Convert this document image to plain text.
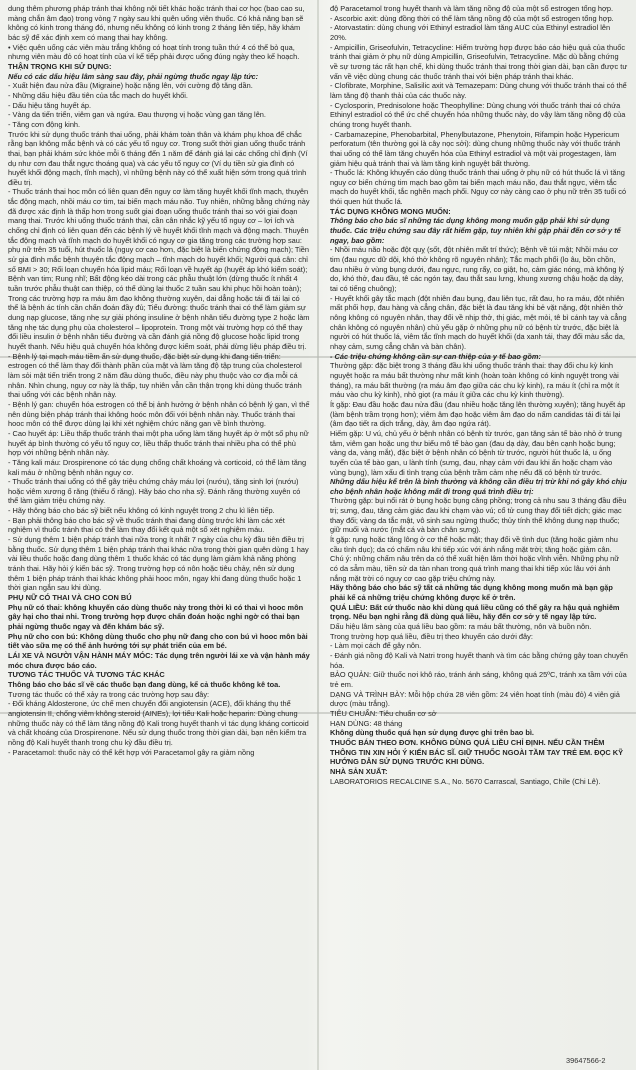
dung thêm phương pháp tránh thai không nội tiết khác hoặc tránh thai cơ học (bao cao su, màng chắn âm đạo) trong vòng 7 ngày sau khi quên uống viên thuốc. Có khả năng bạn sẽ không có kinh trong tháng đó, nhưng nếu không có kinh trong 2 tháng liên tiếp, hãy khám bác sỹ để xác định xem có mang thai hay không.

• Việc quên uống các viên màu trắng không có hoạt tính trong tuần thứ 4 có thể bỏ qua, nhưng viên màu đỏ có hoạt tính của ví kế tiếp phải được uống đúng ngày theo kế hoạch.

THẬN TRỌNG KHI SỬ DỤNG:

Nếu có các dấu hiệu lâm sàng sau đây, phải ngừng thuốc ngay lập tức:

- Xuất hiện đau nửa đầu (Migraine) hoặc nặng lên, với cường độ tăng dần.

- Những dấu hiệu đầu tiên của tắc mạch do huyết khối.

- Dấu hiệu tăng huyết áp.

- Vàng da tiến triển, viêm gan và ngứa. Đau thượng vị hoặc vùng gan tăng lên.

- Tăng cơn động kinh.

Trước khi sử dụng thuốc tránh thai uống, phải khám toàn thân và khám phụ khoa để chắc rằng bạn không mắc bệnh và có các yếu tố nguy cơ. Trong suốt thời gian uống thuốc tránh thai, bạn phải khám sức khỏe mỗi 6 tháng đến 1 năm để đánh giá lại các chống chỉ định (Ví dụ như cơn đau thắt ngực thoáng qua) và các yếu tố nguy cơ (Ví dụ tiền sử gia đình có huyết khối động mạch, tĩnh mạch), vì những bệnh này có thể xuất hiện sớm trong quá trình điều trị.

- Thuốc tránh thai hoc môn có liên quan đến nguy cơ làm tăng huyết khối tĩnh mạch, thuyên tắc động mạch, nhồi máu cơ tim, tai biến mạch máu não. Tuy nhiên, những bằng chứng này đã được xác định là thấp hơn trong suốt giai đoạn uống thuốc tránh thai so với giai đoạn mang thai. Trước khi uống thuốc tránh thai, cần cân nhắc kỹ yếu tố nguy cơ – lợi ích và chống chỉ định có liên quan đến các bệnh lý về huyết khối tĩnh mạch và động mạch. Thuyên tắc động mạch và tĩnh mạch do huyết khối có nguy cơ gia tăng trong các trường hợp sau: phụ nữ trên 35 tuổi, hút thuốc lá (nguy cơ cao hơn, đặc biệt là biến chứng động mạch); Tiền sử gia đình mắc bệnh thuyên tắc động mạch – tĩnh mạch do huyết khối; Người quá cân: chỉ số BMI > 30; Rối loạn chuyển hóa lipid máu; Rối loạn về huyết áp (huyết áp khó kiểm soát); Bệnh van tim; Rung nhĩ; Bất động kéo dài trong các phẫu thuật lớn (dừng thuốc ít nhất 4 tuần trước phẫu thuật can thiệp, có thể dùng lại thuốc 2 tuần sau khi phục hồi hoàn toàn); Trong các trường hợp ra máu âm đạo không thường xuyên, dai dẳng hoặc tái đi tái lại có thể là bệnh ác tính cần chẩn đoán đầy đủ; Tiểu đường: thuốc tránh thai có thể làm giảm sự dung nạp glucose, tăng nhẹ sự giải phóng insuline ở bệnh nhân tiểu đường type 2 hoặc làm tăng nhẹ tác dụng phụ của cholesterol – lipoprotein. Trong một vài trường hợp có thể thay đổi liều insulin ở bệnh nhân tiểu đường và cần đánh giá nồng độ glucose hoặc lipid trong huyết thanh. Nếu hiệu quả chuyển hóa không được kiểm soát, phải dừng liệu pháp điều trị.

- Bệnh lý tại mạch máu tiềm ẩn sử dụng thuốc, đặc biệt sử dụng khi đang tiến triển: estrogen có thể làm thay đổi thành phần của mật và làm tăng độ tập trung của cholesterol làm sỏi mật tiến triển trong 2 năm đầu dùng thuốc, điều này phụ thuộc vào cơ địa mỗi cá nhân. Nhìn chung, nguy cơ này là thấp, tuy nhiên vẫn cần thận trọng khi dùng thuốc tránh thai uống với các bệnh nhân này.

- Bệnh lý gan: chuyển hóa estrogen có thể bị ảnh hưởng ở bệnh nhân có bệnh lý gan, vì thế nên dùng biện pháp tránh thai không hoóc môn đối với bệnh nhân này. Thuốc tránh thai hooc môn có thể được dùng lại khi xét nghiệm chức năng gan về bình thường.

- Cao huyết áp: Liều thấp thuốc tránh thai một pha uống làm tăng huyết áp ở một số phụ nữ huyết áp bình thường có yếu tố nguy cơ, liều thấp thuốc tránh thai nhiều pha có thể phù hợp với những bệnh nhân này.

- Tăng kali máu: Drospirenone có tác dụng chống chất khoáng và corticoid, có thể làm tăng kali máu ở những bệnh nhân nguy cơ.

- Thuốc tránh thai uống có thể gây triệu chứng chảy máu lợi (nướu), tăng sinh lợi (nướu) hoặc viêm xương ổ răng (thiếu ổ răng). Hãy báo cho nha sỹ. Đánh răng thường xuyên có thể làm giảm triệu chứng này.

- Hãy thông báo cho bác sỹ biết nếu không có kinh nguyệt trong 2 chu kì liên tiếp.

- Bạn phải thông báo cho bác sỹ về thuốc tránh thai đang dùng trước khi làm các xét nghiệm vì thuốc tránh thai có thể làm thay đổi kết quả một số xét nghiệm máu.

- Sử dụng thêm 1 biện pháp tránh thai nữa trong ít nhất 7 ngày của chu kỳ đầu tiên điều trị bằng thuốc. Sử dụng thêm 1 biện pháp tránh thai khác nữa trong thời gian quên dùng 1 hay vài liều thuốc hoặc đang dùng thêm 1 thuốc khác có tác dụng làm giảm khả năng phòng tránh thai. Hãy hỏi ý kiến bác sỹ. Trong trường hợp có nôn hoặc tiêu chảy, nên sử dụng thêm 1 biện pháp tránh thai khác không phải hooc môn, ngay khi đang dùng thuốc hoặc 1 thời gian ngắn sau khi dùng.

PHỤ NỮ CÓ THAI VÀ CHO CON BÚ

Phụ nữ có thai: không khuyến cáo dùng thuốc này trong thời kì có thai vì hooc môn gây hại cho thai nhi. Trong trường hợp được chẩn đoán hoặc nghi ngờ có thai bạn phải ngừng thuốc ngay và đến khám bác sỹ.

Phụ nữ cho con bú: Không dùng thuốc cho phụ nữ đang cho con bú vì hooc môn bài tiết vào sữa mẹ có thể ảnh hưởng tới sự phát triển của em bé.

LÁI XE VÀ NGƯỜI VẬN HÀNH MÁY MÓC: Tác dụng trên người lái xe và vận hành máy móc chưa được báo cáo.

TƯƠNG TÁC THUỐC VÀ TƯƠNG TÁC KHÁC

Thông báo cho bác sĩ về các thuốc bạn đang dùng, kể cả thuốc không kê toa.

Tương tác thuốc có thể xảy ra trong các trường hợp sau đây:

- Đối kháng Aldosterone, ức chế men chuyển đổi angiotensin (ACE), đối kháng thụ thể angiotensin II, chống viêm không steroid (AINEs), lợi tiểu Kali hoặc heparin: Dùng chung những thuốc này có thể làm tăng nồng độ Kali trong huyết thanh vì tác dụng kháng corticoid và chất khoáng của Drospirenone. Nếu sử dụng thuốc trong thời gian dài, bạn nên kiểm tra nồng độ Kali huyết thanh trong chu kỳ đầu điều trị.

- Paracetamol: thuốc này có thể kết hợp với Paracetamol gây ra giảm nồng

độ Paracetamol trong huyết thanh và làm tăng nồng độ của một số estrogen tổng hợp.

- Ascorbic axit: dùng đồng thời có thể làm tăng nồng độ của một số estrogen tổng hợp.

- Atorvastatin: dùng chung với Ethinyl estradiol làm tăng AUC của Ethinyl estradiol lên 20%.

- Ampicillin, Griseofulvin, Tetracycline: Hiếm trường hợp được báo cáo hiệu quả của thuốc tránh thai giảm ở phụ nữ dùng Ampicillin, Griseofulvin, Tetracycline. Mặc dù bằng chứng về sự tương tác rất hạn chế, khi dùng thuốc tránh thai trong thời gian dài, bạn cần được tư vấn về việc dùng chung các thuốc tránh thai với biện pháp tránh thai khác.

- Clofibrate, Morphine, Salisilic axit và Temazepam: Dùng chung với thuốc tránh thai có thể làm tăng độ thanh thải của các thuốc này.

- Cyclosporin, Prednisolone hoặc Theophylline: Dùng chung với thuốc tránh thai có chứa Ethinyl estradiol có thể ức chế chuyển hóa những thuốc này, do vậy làm tăng nồng độ của chúng trong huyết thanh.

- Carbamazepine, Phenobarbital, Phenylbutazone, Phenytoin, Rifampin hoặc Hypericum perforatum (tên thường gọi là cây nọc sởi): dùng chung những thuốc này với thuốc tránh thai uống có thể làm tăng chuyển hóa của Ethinyl estradiol và một vài progestagen, làm giảm hiệu quả tránh thai và làm tăng kinh nguyệt bất thường.

- Thuốc lá: Không khuyến cáo dùng thuốc tránh thai uống ở phụ nữ có hút thuốc lá vì tăng nguy cơ biến chứng tim mạch bao gồm tai biến mạch máu não, đau thắt ngực, viêm tắc mạch do huyết khối, tắc nghẽn mạch phổi. Nguy cơ này càng cao ở phụ nữ trên 35 tuổi có thói quen hút thuốc lá.

TÁC DỤNG KHÔNG MONG MUỐN:

Thông báo cho bác sĩ những tác dụng không mong muốn gặp phải khi sử dụng thuốc. Các triệu chứng sau đây rất hiếm gặp, tuy nhiên khi gặp phải đến cơ sở y tế ngay, bao gồm:

- Nhồi máu não hoặc đột quỵ (sốt, đột nhiên mất trí thức); Bệnh về túi mật; Nhồi máu cơ tim (đau ngực dữ dội, khó thở không rõ nguyên nhân); Tắc mạch phổi (lo âu, bồn chồn, đau nhiều ở vùng bụng dưới, đau ngực, rung rẩy, co giật, ho, cảm giác nóng, mà không lý do, khó thở, đau đầu, tê các ngón tay, đau thắt sau lưng, khung xương chậu hoặc dạ dày, tai có tiếng chuông);

- Huyết khối gây tắc mạch (đột nhiên đau bụng, đau liên tục, rất đau, ho ra máu, đột nhiên mất phối hợp, đau hàng và cẳng chân, đặc biệt là đau tăng khi bẻ vặt nặng, đột nhiên thở nông không có nguyên nhân, thay đổi về nhịp thở, thị giác, mệt mỏi, tê bì cánh tay và cẳng chân không có nguyên nhân) chủ yếu gặp ở những phụ nữ có bệnh từ trước, đặc biệt là người có hút thuốc lá, viêm tắc tĩnh mạch do huyết khối (da xanh tái, thay đổi màu sắc da, nhạy cảm, sưng cẳng chân và bàn chân).

- Các triệu chứng không cần sự can thiệp của y tế bao gồm:

Thường gặp: đặc biệt trong 3 tháng đầu khi uống thuốc tránh thai: thay đổi chu kỳ kinh nguyệt hoặc ra máu bất thường như mất kinh (hoàn toàn không có kinh nguyệt trong vài tháng), ra máu bất thường (ra máu âm đạo giữa các chu kỳ kinh), ra máu ít (chỉ ra một ít máu vào chu kỳ kinh), nhỏ giọt (ra máu ít giữa các chu kỳ kinh thường).

Ít gặp: Đau đầu hoặc đau nửa đầu (đau nhiều hoặc tăng lên thường xuyên); tăng huyết áp (làm bệnh trầm trọng hơn); viêm âm đạo hoặc viêm âm đạo do nấm candidas tái đi tái lại (âm đạo tiết ra dịch trắng, dày, âm đạo ngứa rát).

Hiếm gặp: U vú, chủ yếu ở bệnh nhân có bệnh từ trước, gan tăng sản tế bào nhỏ ở trung tâm, viêm gan hoặc ung thư biểu mô tế bào gan (đau dạ dày, đau bên cạnh hoặc bụng; vàng da, vàng mắt), đặc biệt ở bệnh nhân có bệnh từ trước, người hút thuốc lá, u ống tuyến của tế bào gan, u lành tính (sưng, đau, nhạy cảm với đau khi ấn hoặc chạm vào vùng bụng), làm xấu đi tình trạng của bệnh trầm cảm nhẹ nếu đã có bệnh từ trước.

Những dấu hiệu kể trên là bình thường và không cần điều trị trừ khi nó gây khó chịu cho bệnh nhân hoặc không mất đi trong quá trình điều trị:

Thường gặp: bụi nổi rát ở bụng hoặc bụng căng phồng; trong cả nhu sau 3 tháng đầu điều trị; sưng, đau, tăng cảm giác đau khi chạm vào vú; cổ tử cung thay đổi tiết dịch; giác mạc thay đổi; vàng da tắc mật, vô sinh sau ngừng thuốc; thủy tính thể không dung nạp thuốc; giữ muối và nước (mắt cá và bàn chân sưng).

Ít gặp: rụng hoặc tăng lông ở cơ thể hoặc mặt; thay đổi về tình dục (tăng hoặc giảm nhu cầu tình dục); da có chấm nâu khi tiếp xúc với ánh nắng mặt trời; tăng hoặc giảm cân.

Chú ý: những chấm nâu trên da có thể xuất hiện lâm thời hoặc vĩnh viễn. Những phụ nữ có da sẫm màu, tiền sử da tàn nhan trong quá trình mang thai khi tiếp xúc lâu với ánh nắng mặt trời có nguy cơ cao gặp triệu chứng này.

Hãy thông báo cho bác sỹ tất cả những tác dụng không mong muốn mà bạn gặp phải kể cả những triệu chứng không được kể ở trên.

QUÁ LIỀU: Bất cứ thuốc nào khi dùng quá liều cũng có thể gây ra hậu quả nghiêm trọng. Nếu bạn nghi rằng đã dùng quá liều, hãy đến cơ sở y tế ngay lập tức.

Dấu hiệu lâm sàng của quá liều bao gồm: ra máu bất thường, nôn và buồn nôn.

Trong trường hợp quá liều, điều trị theo khuyến cáo dưới đây:

- Làm mọi cách để gây nôn.

- Đánh giá nồng độ Kali và Natri trong huyết thanh và tìm các bằng chứng gây toan chuyển hóa.

BẢO QUẢN: Giữ thuốc nơi khô ráo, tránh ánh sáng, không quá 25ºC, tránh xa tầm với của trẻ em.

DẠNG VÀ TRÌNH BÀY: Mỗi hộp chứa 28 viên gồm: 24 viên hoạt tính (màu đỏ) 4 viên giả dược (màu trắng).

TIÊU CHUẨN: Tiêu chuẩn cơ sở

HẠN DÙNG: 48 tháng

Không dùng thuốc quá hạn sử dụng được ghi trên bao bì.

THUỐC BÁN THEO ĐƠN. KHÔNG DÙNG QUÁ LIỀU CHỈ ĐỊNH. NẾU CẦN THÊM THÔNG TIN XIN HỎI Ý KIẾN BÁC SĨ. GIỮ THUỐC NGOÀI TẦM TAY TRẺ EM. ĐỌC KỸ HƯỚNG DẪN SỬ DỤNG TRƯỚC KHI DÙNG.

NHÀ SẢN XUẤT:

LABORATORIOS RECALCINE S.A., No. 5670 Carrascal, Santiago, Chile (Chi Lê).

39647566-2
